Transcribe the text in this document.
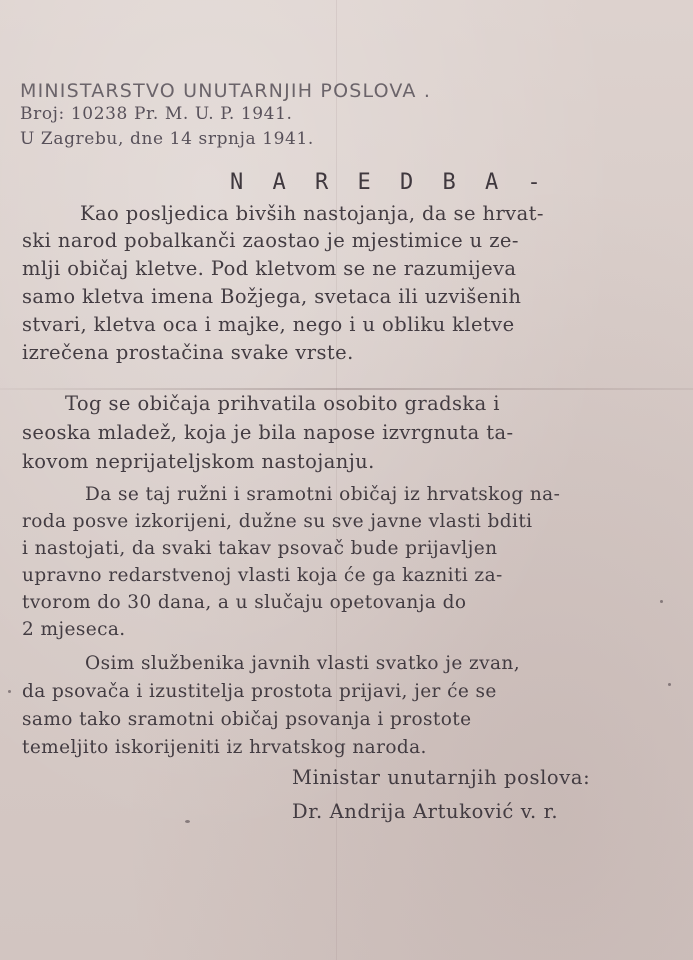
MINISTARSTVO UNUTARNJIH POSLOVA .
Broj: 10238 Pr. M. U. P. 1941.
U Zagrebu, dne 14 srpnja 1941.
N A R E D B A -
Kao posljedica bivših nastojanja, da se hrvat-
ski narod pobalkanči zaostao je mjestimice u ze-
mlji običaj kletve. Pod kletvom se ne razumijeva
samo kletva imena Božjega, svetaca ili uzvišenih
stvari, kletva oca i majke, nego i u obliku kletve
izrečena prostačina svake vrste.
Tog se običaja prihvatila osobito gradska i
seoska mladež, koja je bila napose izvrgnuta ta-
kovom neprijateljskom nastojanju.
Da se taj ružni i sramotni običaj iz hrvatskog na-
roda posve izkorijeni, dužne su sve javne vlasti bditi
i nastojati, da svaki takav psovač bude prijavljen
upravno redarstvenoj vlasti koja će ga kazniti za-
tvorom do 30 dana, a u slučaju opetovanja do
2 mjeseca.
Osim službenika javnih vlasti svatko je zvan,
da psovača i izustitelja prostota prijavi, jer će se
samo tako sramotni običaj psovanja i prostote
temeljito iskorijeniti iz hrvatskog naroda.
Ministar unutarnjih poslova:
Dr. Andrija Artuković v. r.
